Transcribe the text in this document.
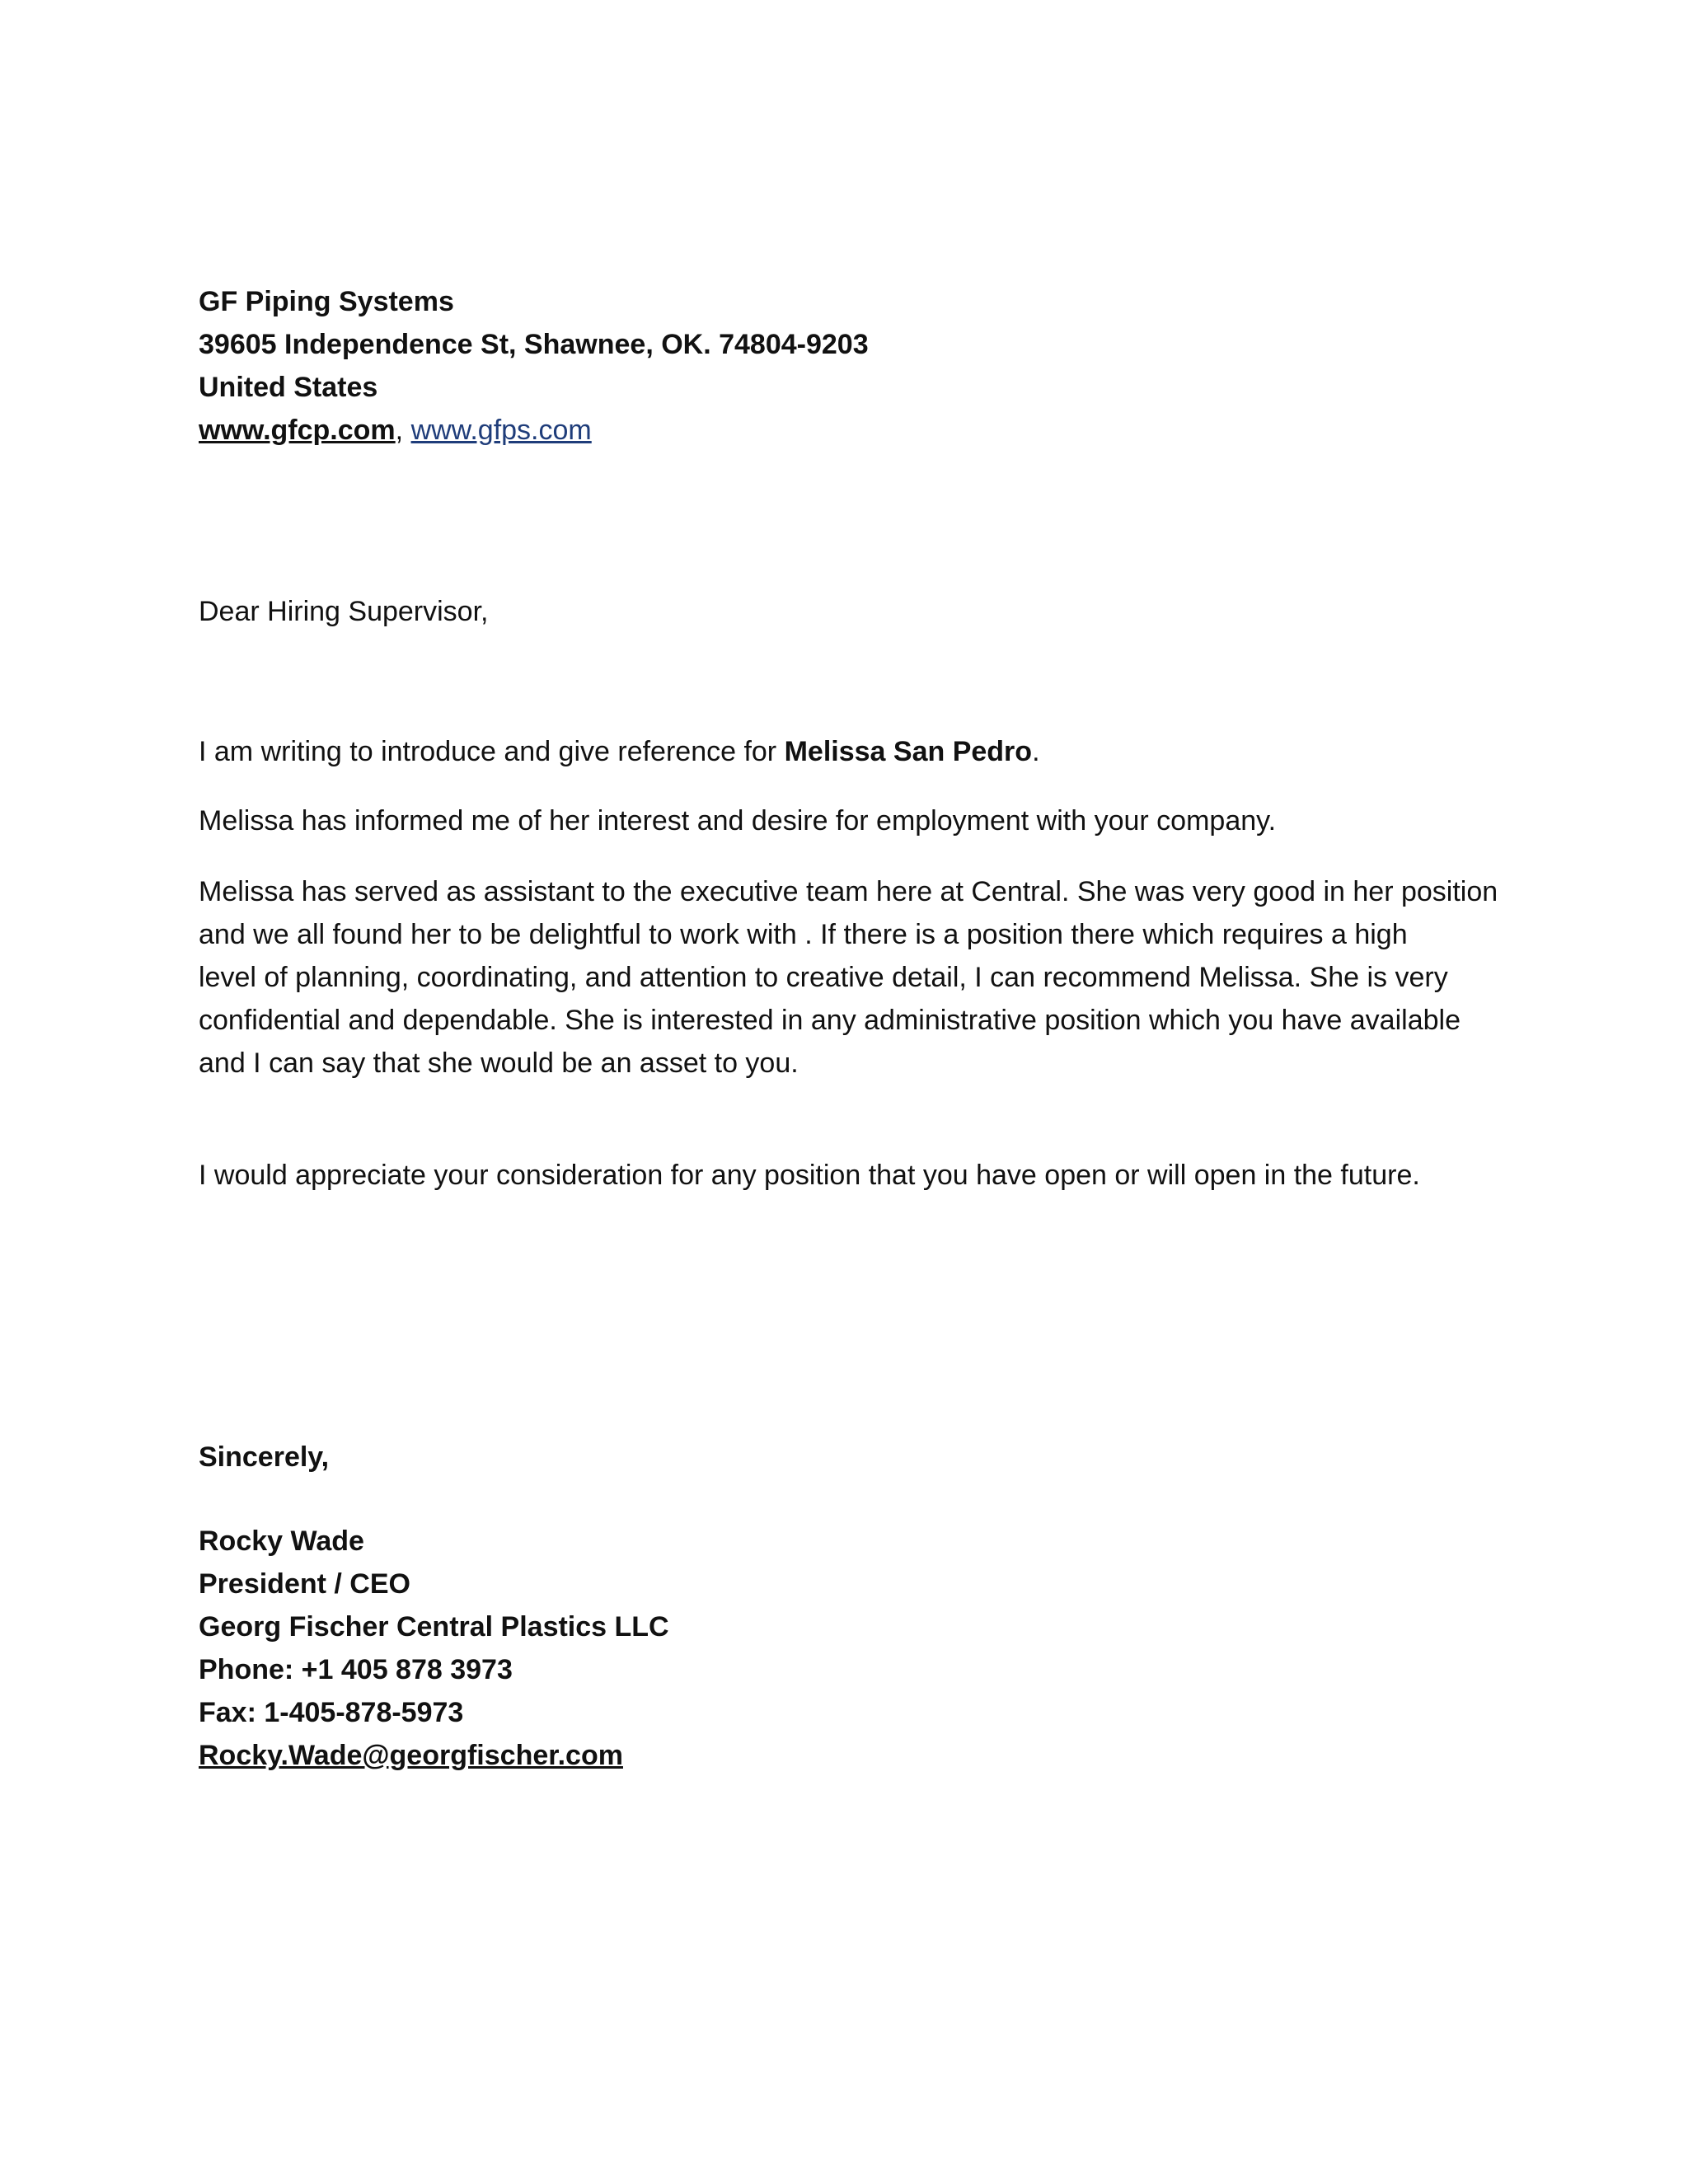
GF Piping Systems
39605 Independence St, Shawnee, OK. 74804-9203
United States
www.gfcp.com, www.gfps.com
Dear Hiring Supervisor,
I am writing to introduce and give reference for Melissa San Pedro.
Melissa has informed me of her interest and desire for employment with your company.
Melissa has served as assistant to the executive team here at Central. She was very good in her position
and we all found her to be delightful to work with . If there is a position there which requires a high
level of planning, coordinating, and attention to creative detail, I can recommend Melissa. She is very
confidential and dependable. She is interested in any administrative position which you have available
and I can say that she would be an asset to you.
I would appreciate your consideration for any position that you have open or will open in the future.
Sincerely,
Rocky Wade
President / CEO
Georg Fischer Central Plastics LLC
Phone: +1 405 878 3973
Fax: 1-405-878-5973
Rocky.Wade@georgfischer.com
